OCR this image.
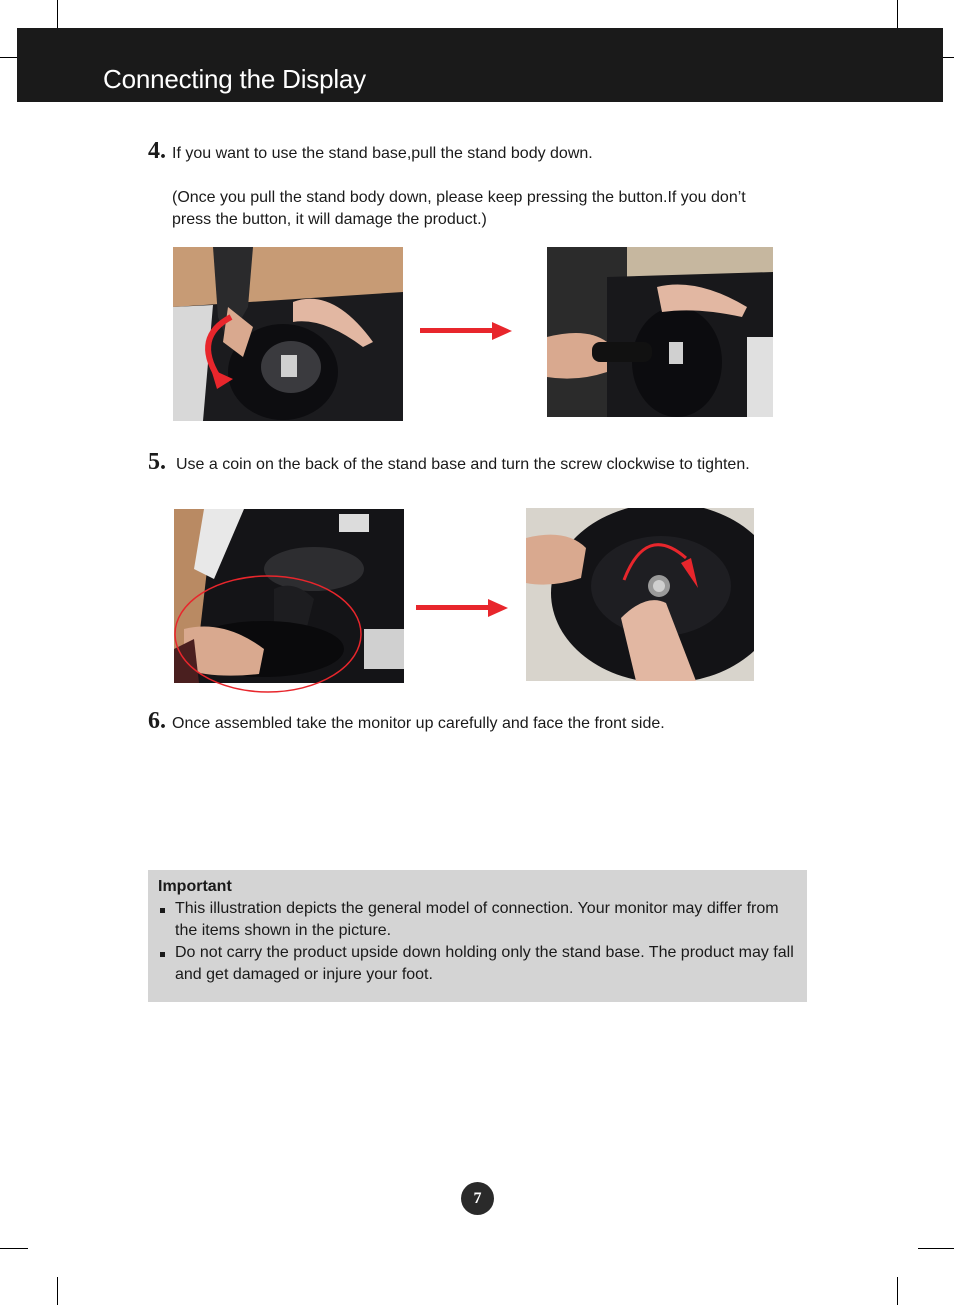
Connecting the Display
4. If you want to use the stand base,pull the stand body down.
(Once you pull the stand body down, please keep pressing the button.If you don’t press the button, it will damage the product.)
5. Use a coin on the back of the stand base and turn the screw clockwise to tighten.
6. Once assembled take the monitor up carefully and face the front side.
Important
This illustration depicts the general model of connection. Your monitor may differ from the items shown in the picture.
Do not carry the product upside down holding only the stand base. The product may fall and get damaged or injure your foot.
7
